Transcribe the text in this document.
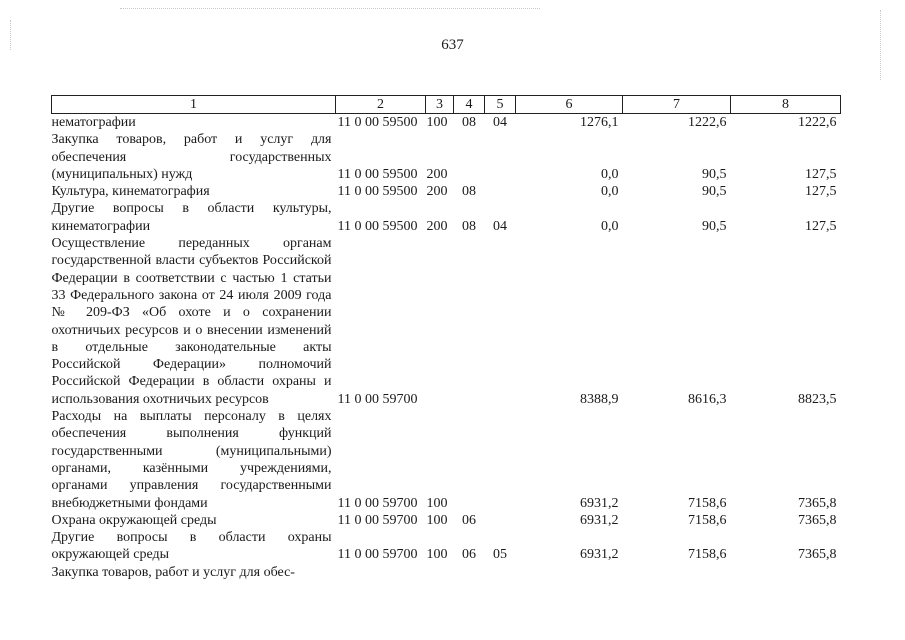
637
1	2	3	4	5	6	7	8
нематографии	11 0 00 59500	100	08	04	1276,1	1222,6	1222,6
Закупка товаров, работ и услуг для обеспечения государственных (муниципальных) нужд	11 0 00 59500	200			0,0	90,5	127,5
Культура, кинематография	11 0 00 59500	200	08		0,0	90,5	127,5
Другие вопросы в области культуры, кинематографии	11 0 00 59500	200	08	04	0,0	90,5	127,5
Осуществление переданных органам государственной власти субъектов Российской Федерации в соответствии с частью 1 статьи 33 Федерального закона от 24 июля 2009 года № 209-ФЗ «Об охоте и о сохранении охотничьих ресурсов и о внесении изменений в отдельные законодательные акты Российской Федерации» полномочий Российской Федерации в области охраны и использования охотничьих ресурсов	11 0 00 59700				8388,9	8616,3	8823,5
Расходы на выплаты персоналу в целях обеспечения выполнения функций государственными (муниципальными) органами, казёнными учреждениями, органами управления государственными внебюджетными фондами	11 0 00 59700	100			6931,2	7158,6	7365,8
Охрана окружающей среды	11 0 00 59700	100	06		6931,2	7158,6	7365,8
Другие вопросы в области охраны окружающей среды	11 0 00 59700	100	06	05	6931,2	7158,6	7365,8
Закупка товаров, работ и услуг для обес-							
